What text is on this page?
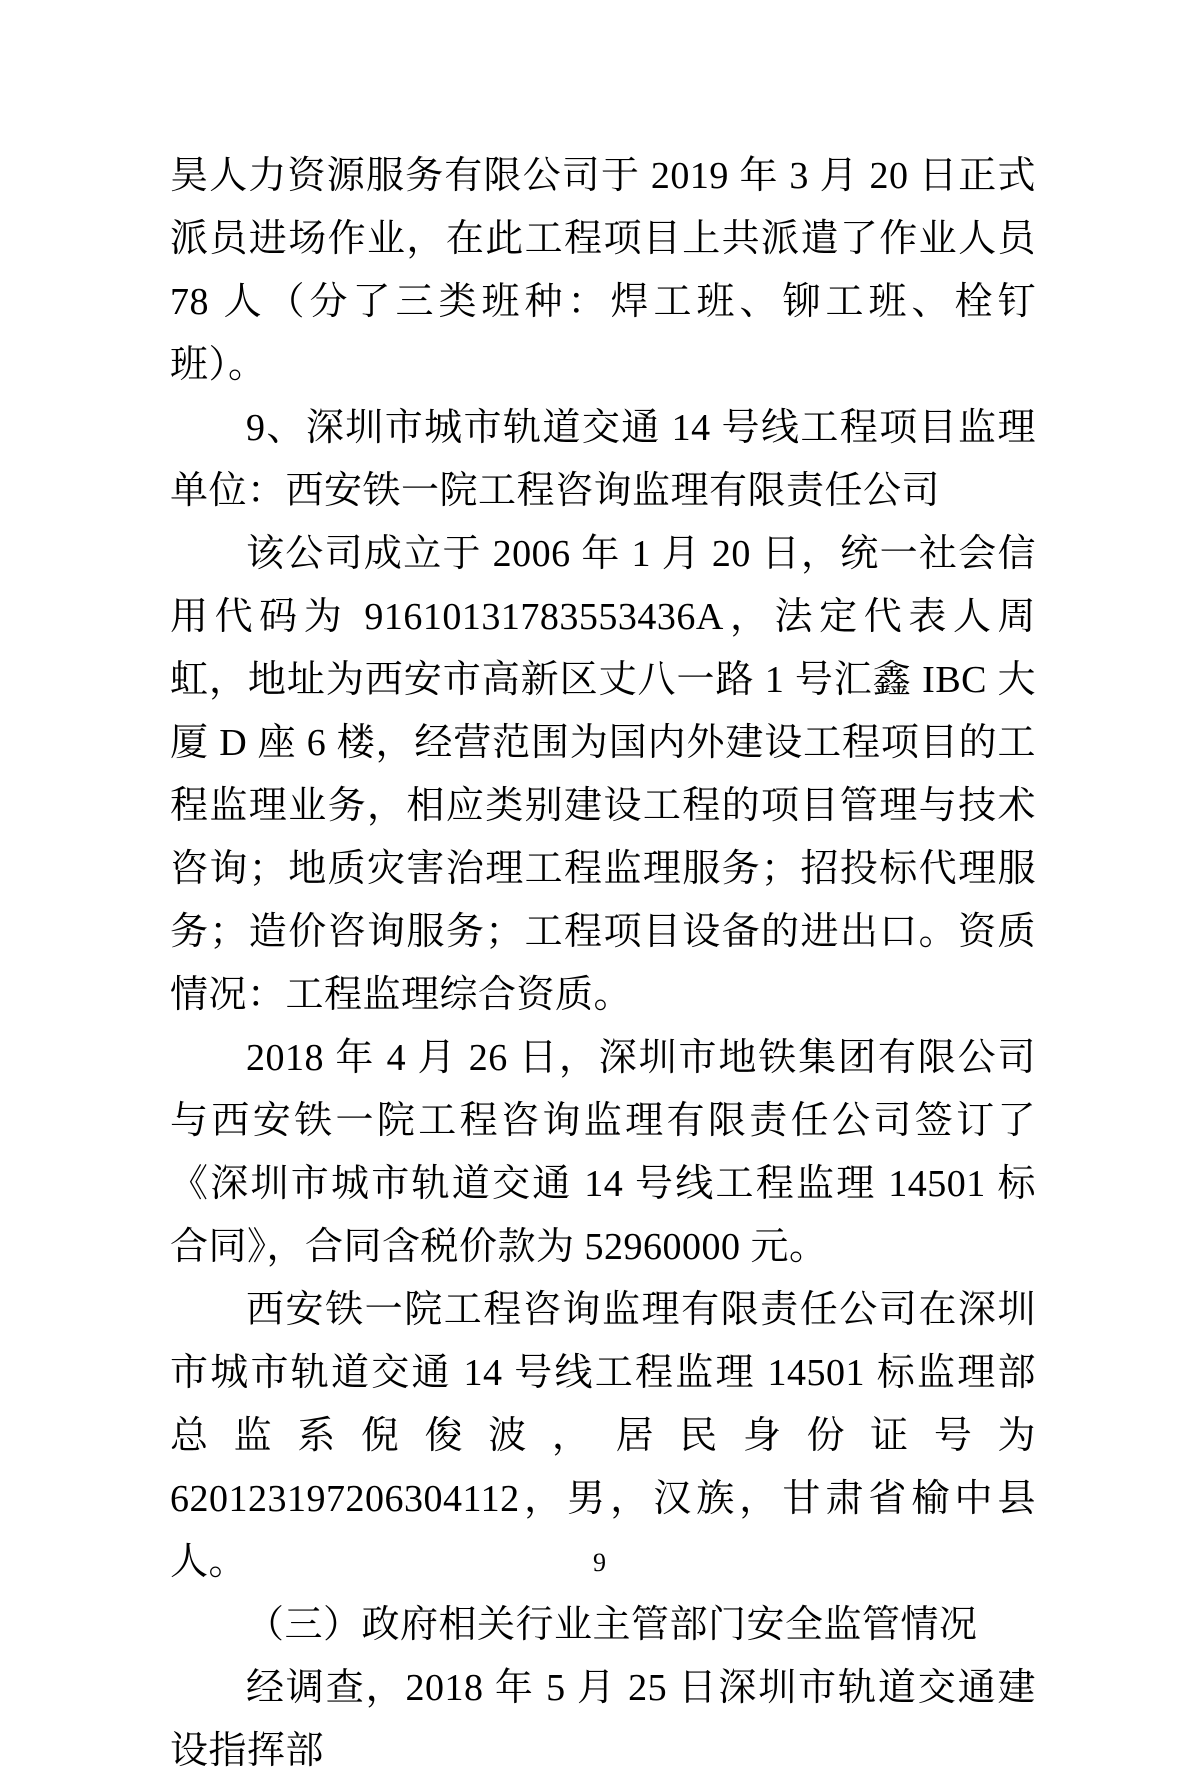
昊人力资源服务有限公司于 2019 年 3 月 20 日正式派员进场作业，在此工程项目上共派遣了作业人员 78 人（分了三类班种：焊工班、铆工班、栓钉班）。

9、深圳市城市轨道交通 14 号线工程项目监理单位：西安铁一院工程咨询监理有限责任公司

该公司成立于 2006 年 1 月 20 日，统一社会信用代码为 91610131783553436A，法定代表人周虹，地址为西安市高新区丈八一路 1 号汇鑫 IBC 大厦 D 座 6 楼，经营范围为国内外建设工程项目的工程监理业务，相应类别建设工程的项目管理与技术咨询；地质灾害治理工程监理服务；招投标代理服务；造价咨询服务；工程项目设备的进出口。资质情况：工程监理综合资质。

2018 年 4 月 26 日，深圳市地铁集团有限公司与西安铁一院工程咨询监理有限责任公司签订了《深圳市城市轨道交通 14 号线工程监理 14501 标合同》，合同含税价款为 52960000 元。

西安铁一院工程咨询监理有限责任公司在深圳市城市轨道交通 14 号线工程监理 14501 标监理部总监系倪俊波，居民身份证号为 620123197206304112，男，汉族，甘肃省榆中县人。

（三）政府相关行业主管部门安全监管情况

经调查，2018 年 5 月 25 日深圳市轨道交通建设指挥部

9
